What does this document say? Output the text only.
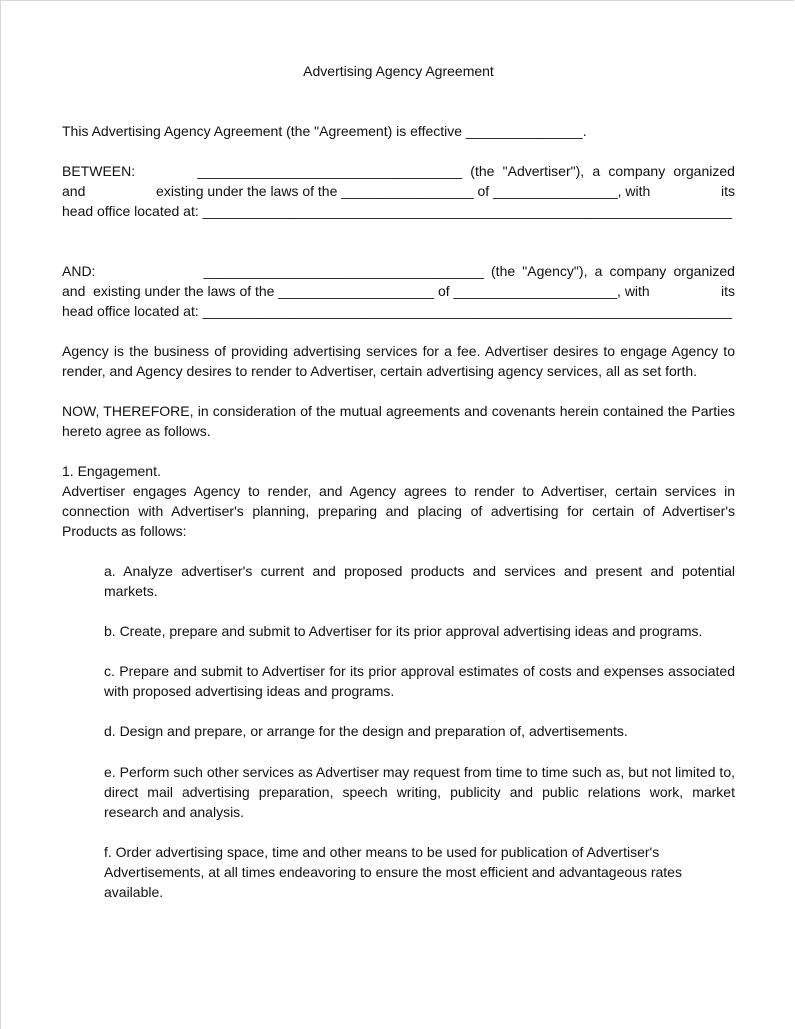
Advertising Agency Agreement
This Advertising Agency Agreement (the "Agreement) is effective _______________.
BETWEEN:	__________________________________ (the "Advertiser"), a company organized
and	existing under the laws of the _________________ of ________________, with	its
head office located at: ____________________________________________________________________
AND:	____________________________________ (the "Agency"), a company organized
and  existing under the laws of the ____________________ of _____________________, with	its
head office located at: ____________________________________________________________________
Agency is the business of providing advertising services for a fee. Advertiser desires to engage Agency to render, and Agency desires to render to Advertiser, certain advertising agency services, all as set forth.
NOW, THEREFORE, in consideration of the mutual agreements and covenants herein contained the Parties hereto agree as follows.
1. Engagement.
Advertiser engages Agency to render, and Agency agrees to render to Advertiser, certain services in connection with Advertiser's planning, preparing and placing of advertising for certain of Advertiser's Products as follows:
a. Analyze advertiser's current and proposed products and services and present and potential markets.
b. Create, prepare and submit to Advertiser for its prior approval advertising ideas and programs.
c. Prepare and submit to Advertiser for its prior approval estimates of costs and expenses associated with proposed advertising ideas and programs.
d. Design and prepare, or arrange for the design and preparation of, advertisements.
e. Perform such other services as Advertiser may request from time to time such as, but not limited to, direct mail advertising preparation, speech writing, publicity and public relations work, market research and analysis.
f. Order advertising space, time and other means to be used for publication of Advertiser's
Advertisements, at all times endeavoring to ensure the most efficient and advantageous rates
available.
